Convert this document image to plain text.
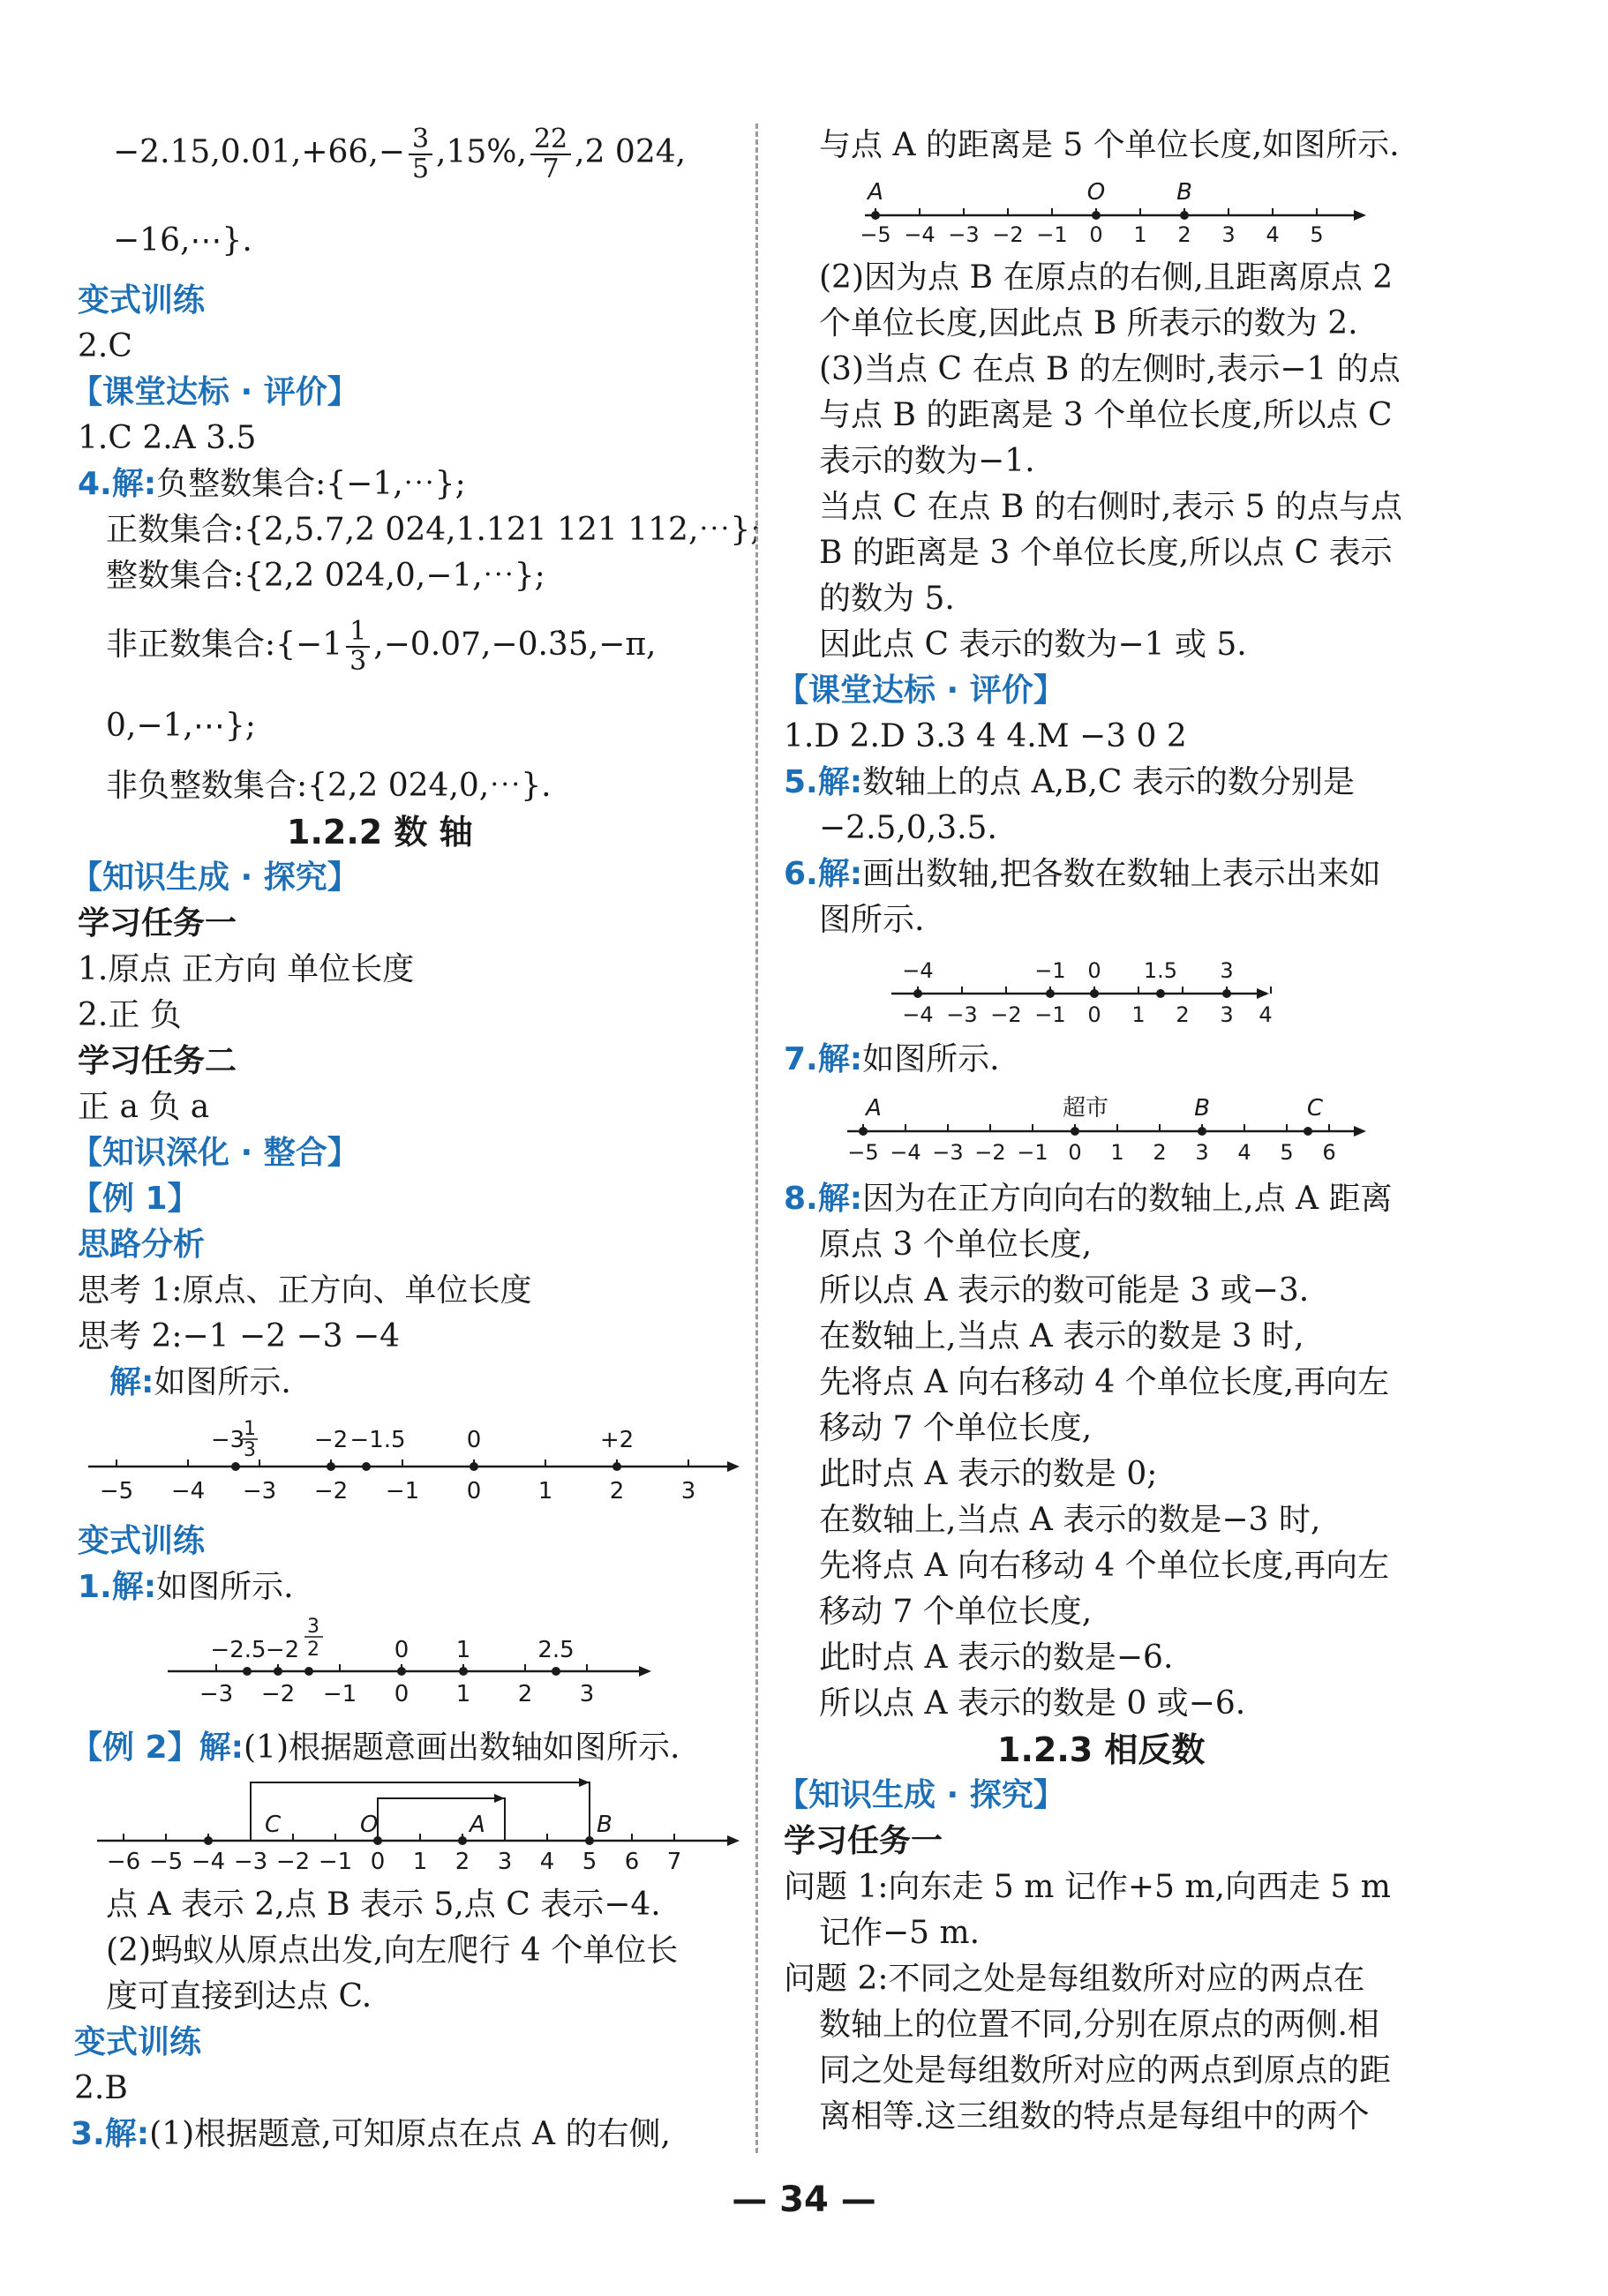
$-2.15,0.01,+66,- \frac{3}{5} ,15\%$, $\frac{22}{7} ,2$ 024,
−16,⋯}.
变式训练
2.C
【课堂达标 · 评价】
1.C 2.A 3.5
4.解:负整数集合:{−1,⋯};
正数集合:{2,5.7,2 024,1.121 121 112,⋯};
整数集合:{2,2 024,0,−1,⋯};
非正数集合:{−1 $\frac{1}{3}$ ,−0.07,−0.3̇5̇,−π,
0,−1,⋯};
非负整数集合:{2,2 024,0,⋯}.
1.2.2 数 轴
【知识生成 · 探究】
学习任务一
1.原点 正方向 单位长度
2.正 负
学习任务二
正 a 负 a
【知识深化 · 整合】
【例 1】
思路分析
思考 1:原点、正方向、单位长度
思考 2:−1 −2 −3 −4
解:如图所示.
−5 −4 −3 −2 −1 0 1 2 3
−3
1
3	−2 −1.5	0	+2
变式训练
1.解:如图所示.
−3 −2 −1 0 1 2 3
−2.5 −2
3
2	0 1	2.5
【例 2】解:(1)根据题意画出数轴如图所示.
−6 −5 −4 −3 −2 −1 0 1 2 3 4 5 6 7
C	O	A	B
点 A 表示 2,点 B 表示 5,点 C 表示−4.
(2)蚂蚁从原点出发,向左爬行 4 个单位长
度可直接到达点 C.
变式训练
2.B
3.解:(1)根据题意,可知原点在点 A 的右侧,
与点 A 的距离是 5 个单位长度,如图所示.
−5 −4 −3 −2 −1 0 1 2 3 4 5
A	O	B
(2)因为点 B 在原点的右侧,且距离原点 2
个单位长度,因此点 B 所表示的数为 2.
(3)当点 C 在点 B 的左侧时,表示−1 的点
与点 B 的距离是 3 个单位长度,所以点 C
表示的数为−1.
当点 C 在点 B 的右侧时,表示 5 的点与点
B 的距离是 3 个单位长度,所以点 C 表示
的数为 5.
因此点 C 表示的数为−1 或 5.
【课堂达标 · 评价】
1.D 2.D 3.3 4 4.M −3 0 2
5.解:数轴上的点 A,B,C 表示的数分别是
−2.5,0,3.5.
6.解:画出数轴,把各数在数轴上表示出来如
图所示.
−4 −3 −2 −1 0 1 2 3 4
−4	−1 0 1.5 3
7.解:如图所示.
−5 −4 −3 −2 −1 0 1 2 3 4 5 6
A	超市	B	C
8.解:因为在正方向向右的数轴上,点 A 距离
原点 3 个单位长度,
所以点 A 表示的数可能是 3 或−3.
在数轴上,当点 A 表示的数是 3 时,
先将点 A 向右移动 4 个单位长度,再向左
移动 7 个单位长度,
此时点 A 表示的数是 0;
在数轴上,当点 A 表示的数是−3 时,
先将点 A 向右移动 4 个单位长度,再向左
移动 7 个单位长度,
此时点 A 表示的数是−6.
所以点 A 表示的数是 0 或−6.
1.2.3 相反数
【知识生成 · 探究】
学习任务一
问题 1:向东走 5 m 记作+5 m,向西走 5 m
记作−5 m.
问题 2:不同之处是每组数所对应的两点在
数轴上的位置不同,分别在原点的两侧.相
同之处是每组数所对应的两点到原点的距
离相等.这三组数的特点是每组中的两个
— 34 —
